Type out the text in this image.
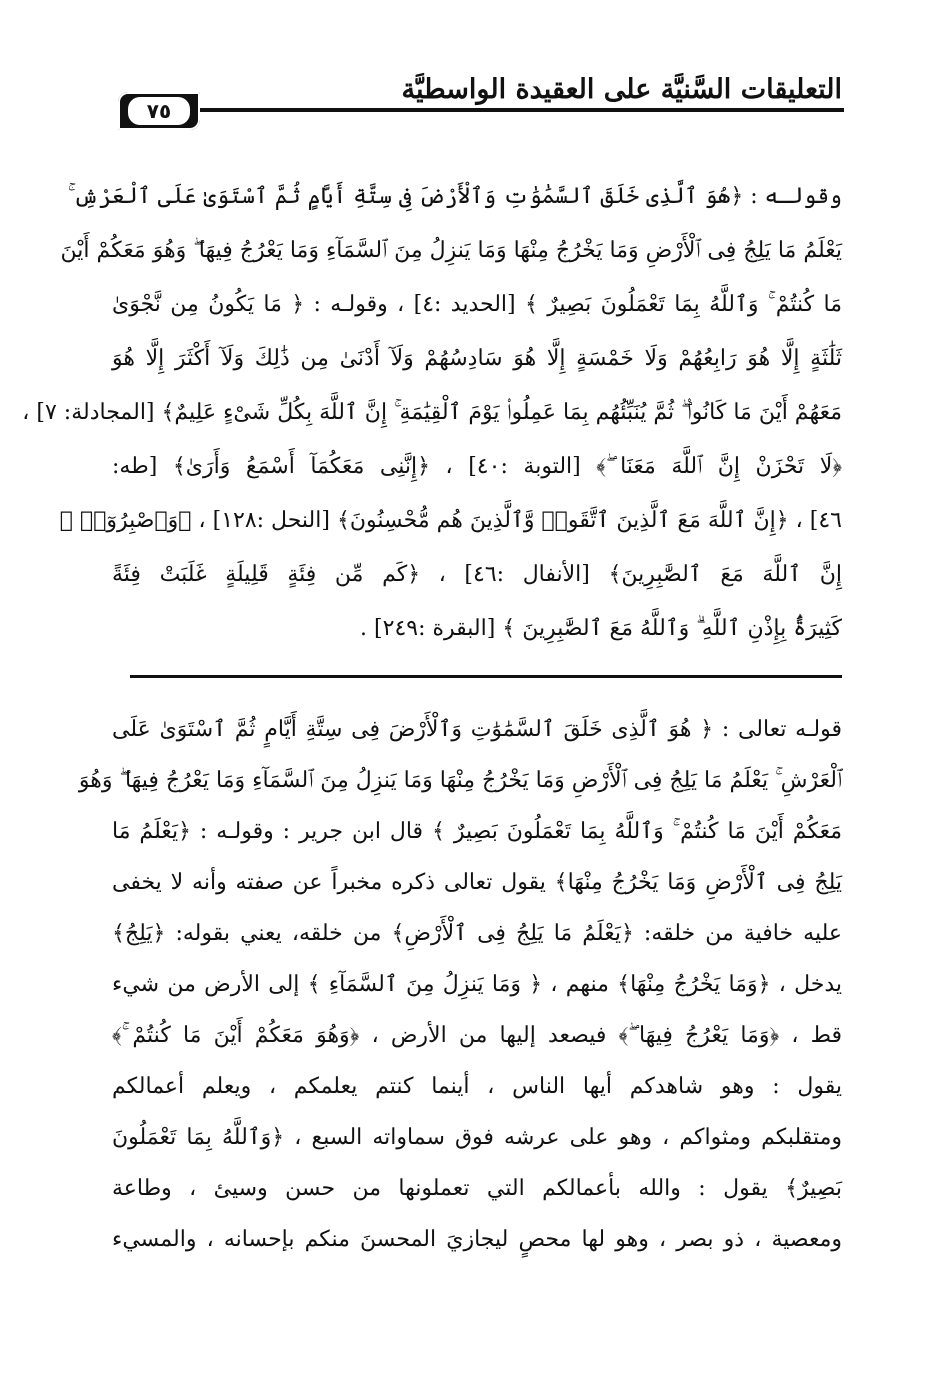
التعليقات السَّنيَّة على العقيدة الواسطيَّة
٧٥
وقولـه : ﴿هُوَ ٱلَّذِى خَلَقَ ٱلسَّمَٰوَٰتِ وَٱلْأَرْضَ فِى سِتَّةِ أَيَّامٍ ثُمَّ ٱسْتَوَىٰ عَلَى ٱلْعَرْشِ ۚ
يَعْلَمُ مَا يَلِجُ فِى ٱلْأَرْضِ وَمَا يَخْرُجُ مِنْهَا وَمَا يَنزِلُ مِنَ ٱلسَّمَآءِ وَمَا يَعْرُجُ فِيهَا ۖ وَهُوَ مَعَكُمْ أَيْنَ
مَا كُنتُمْ ۚ وَٱللَّهُ بِمَا تَعْمَلُونَ بَصِيرٌ ﴾ [الحديد :٤] ، وقولـه : ﴿ مَا يَكُونُ مِن نَّجْوَىٰ
ثَلَٰثَةٍ إِلَّا هُوَ رَابِعُهُمْ وَلَا خَمْسَةٍ إِلَّا هُوَ سَادِسُهُمْ وَلَآ أَدْنَىٰ مِن ذَٰلِكَ وَلَآ أَكْثَرَ إِلَّا هُوَ
مَعَهُمْ أَيْنَ مَا كَانُوا۟ ۖ ثُمَّ يُنَبِّئُهُم بِمَا عَمِلُوا۟ يَوْمَ ٱلْقِيَٰمَةِ ۚ إِنَّ ٱللَّهَ بِكُلِّ شَىْءٍ عَلِيمٌ﴾ [المجادلة: ٧] ،
﴿لَا تَحْزَنْ إِنَّ ٱللَّهَ مَعَنَا ۖ﴾ [التوبة :٤٠] ، ﴿إِنَّنِى مَعَكُمَآ أَسْمَعُ وَأَرَىٰ﴾ [طه:
٤٦] ، ﴿إِنَّ ٱللَّهَ مَعَ ٱلَّذِينَ ٱتَّقَوا۟ وَّٱلَّذِينَ هُم مُّحْسِنُونَ﴾ [النحل :١٢٨] ، ﴿وَٱصْبِرُوٓا۟ ۚ
إِنَّ ٱللَّهَ مَعَ ٱلصَّٰبِرِينَ﴾ [الأنفال :٤٦] ، ﴿كَم مِّن فِئَةٍ قَلِيلَةٍ غَلَبَتْ فِئَةً
كَثِيرَةًۢ بِإِذْنِ ٱللَّهِ ۗ وَٱللَّهُ مَعَ ٱلصَّٰبِرِينَ ﴾ [البقرة :٢٤٩] .
قولـه تعالى : ﴿ هُوَ ٱلَّذِى خَلَقَ ٱلسَّمَٰوَٰتِ وَٱلْأَرْضَ فِى سِتَّةِ أَيَّامٍ ثُمَّ ٱسْتَوَىٰ عَلَى
ٱلْعَرْشِ ۚ يَعْلَمُ مَا يَلِجُ فِى ٱلْأَرْضِ وَمَا يَخْرُجُ مِنْهَا وَمَا يَنزِلُ مِنَ ٱلسَّمَآءِ وَمَا يَعْرُجُ فِيهَا ۖ وَهُوَ
مَعَكُمْ أَيْنَ مَا كُنتُمْ ۚ وَٱللَّهُ بِمَا تَعْمَلُونَ بَصِيرٌ ﴾ قال ابن جرير : وقولـه : ﴿يَعْلَمُ مَا
يَلِجُ فِى ٱلْأَرْضِ وَمَا يَخْرُجُ مِنْهَا﴾ يقول تعالى ذكره مخبراً عن صفته وأنه لا يخفى
عليه خافية من خلقه: ﴿يَعْلَمُ مَا يَلِجُ فِى ٱلْأَرْضِ﴾ من خلقه، يعني بقوله: ﴿يَلِجُ﴾
يدخل ، ﴿وَمَا يَخْرُجُ مِنْهَا﴾ منهم ، ﴿ وَمَا يَنزِلُ مِنَ ٱلسَّمَآءِ ﴾ إلى الأرض من شيء
قط ، ﴿وَمَا يَعْرُجُ فِيهَا ۖ﴾ فيصعد إليها من الأرض ، ﴿وَهُوَ مَعَكُمْ أَيْنَ مَا كُنتُمْ ۚ﴾
يقول : وهو شاهدكم أيها الناس ، أينما كنتم يعلمكم ، ويعلم أعمالكم
ومتقلبكم ومثواكم ، وهو على عرشه فوق سماواته السبع ، ﴿وَٱللَّهُ بِمَا تَعْمَلُونَ
بَصِيرٌ﴾ يقول : والله بأعمالكم التي تعملونها من حسن وسيئ ، وطاعة
ومعصية ، ذو بصر ، وهو لها محصٍ ليجازيَ المحسنَ منكم بإحسانه ، والمسيء
